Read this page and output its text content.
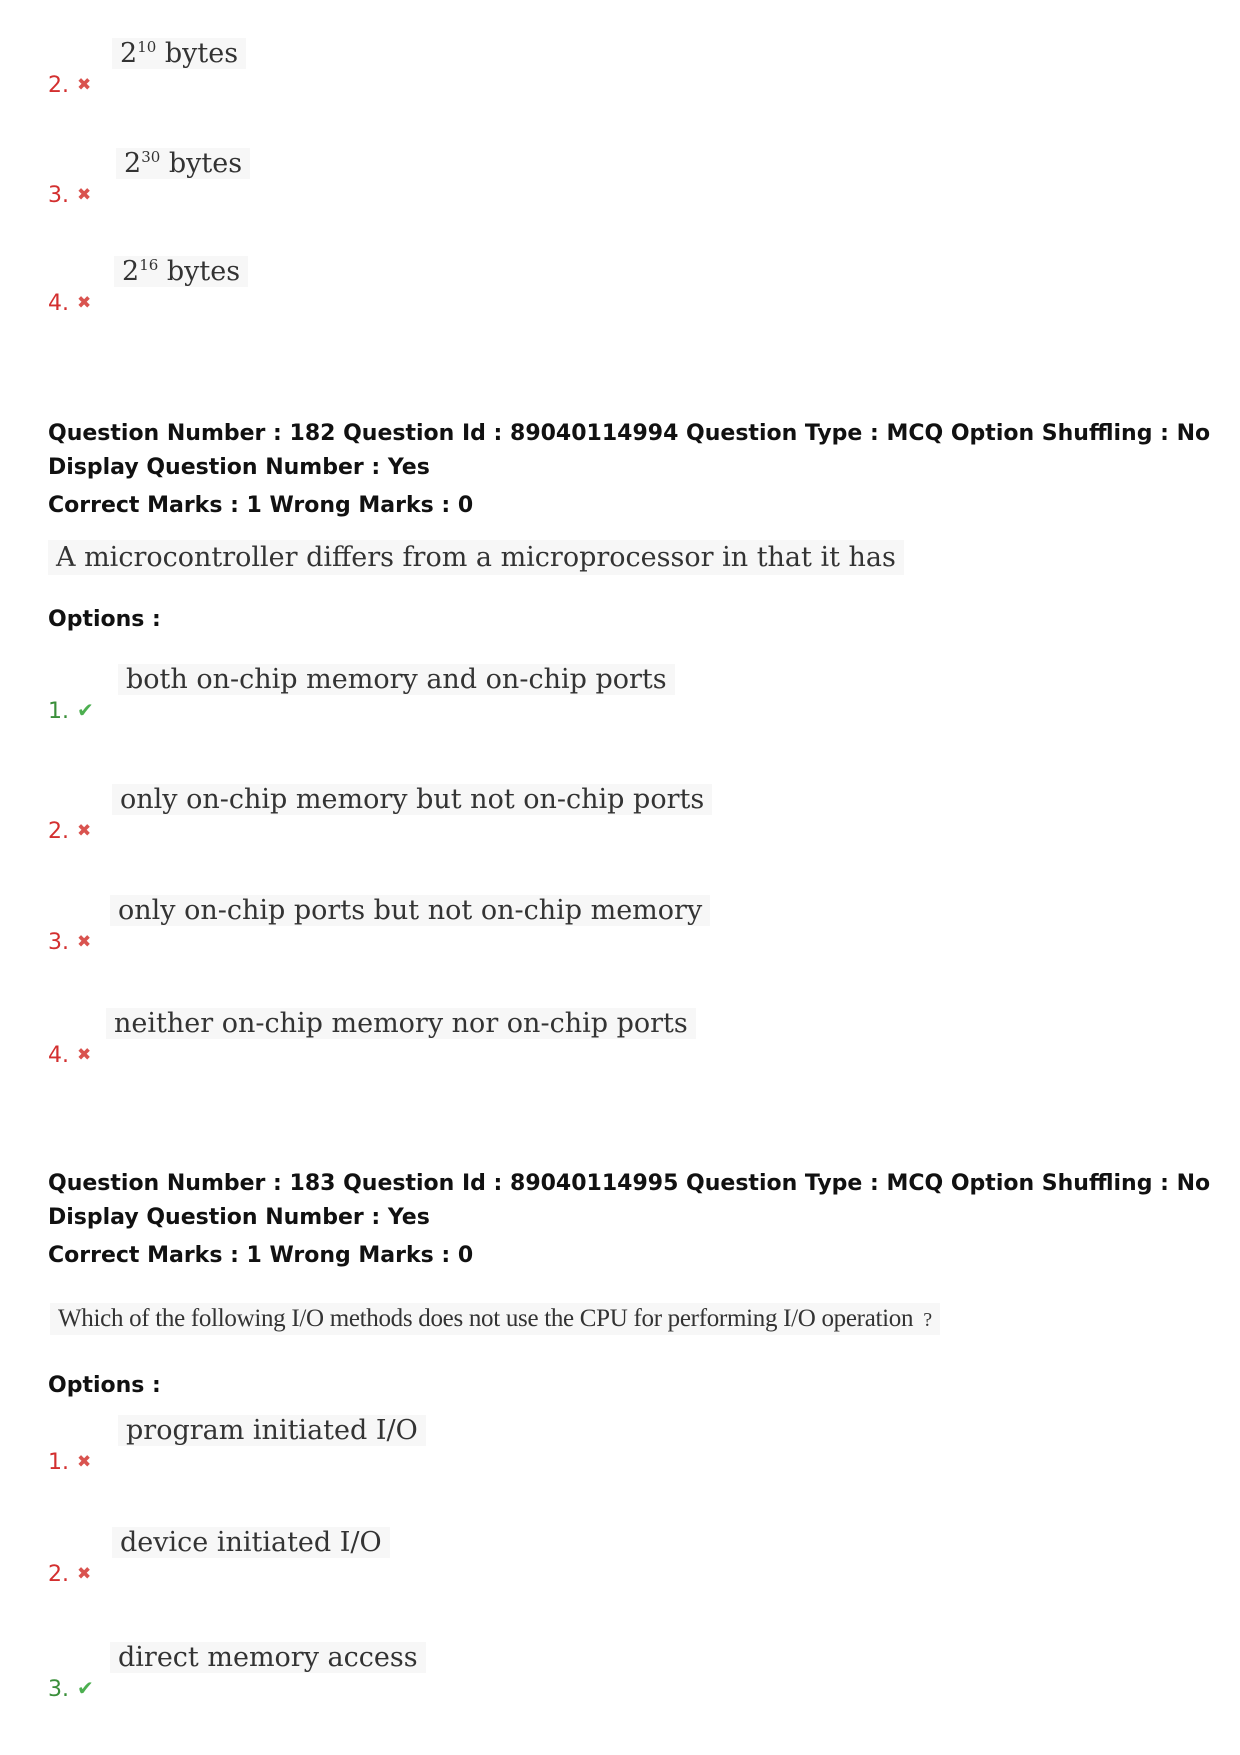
2. ✖
$2^{10}$ bytes
3. ✖
$2^{30}$ bytes
4. ✖
$2^{16}$ bytes
Question Number : 182 Question Id : 89040114994 Question Type : MCQ Option Shuffling : No
Display Question Number : Yes
Correct Marks : 1 Wrong Marks : 0
A microcontroller differs from a microprocessor in that it has
Options :
1. ✔
both on-chip memory and on-chip ports
2. ✖
only on-chip memory but not on-chip ports
3. ✖
only on-chip ports but not on-chip memory
4. ✖
neither on-chip memory nor on-chip ports
Question Number : 183 Question Id : 89040114995 Question Type : MCQ Option Shuffling : No
Display Question Number : Yes
Correct Marks : 1 Wrong Marks : 0
Which of the following I/O methods does not use the CPU for performing I/O operation ?
Options :
1. ✖
program initiated I/O
2. ✖
device initiated I/O
3. ✔
direct memory access
